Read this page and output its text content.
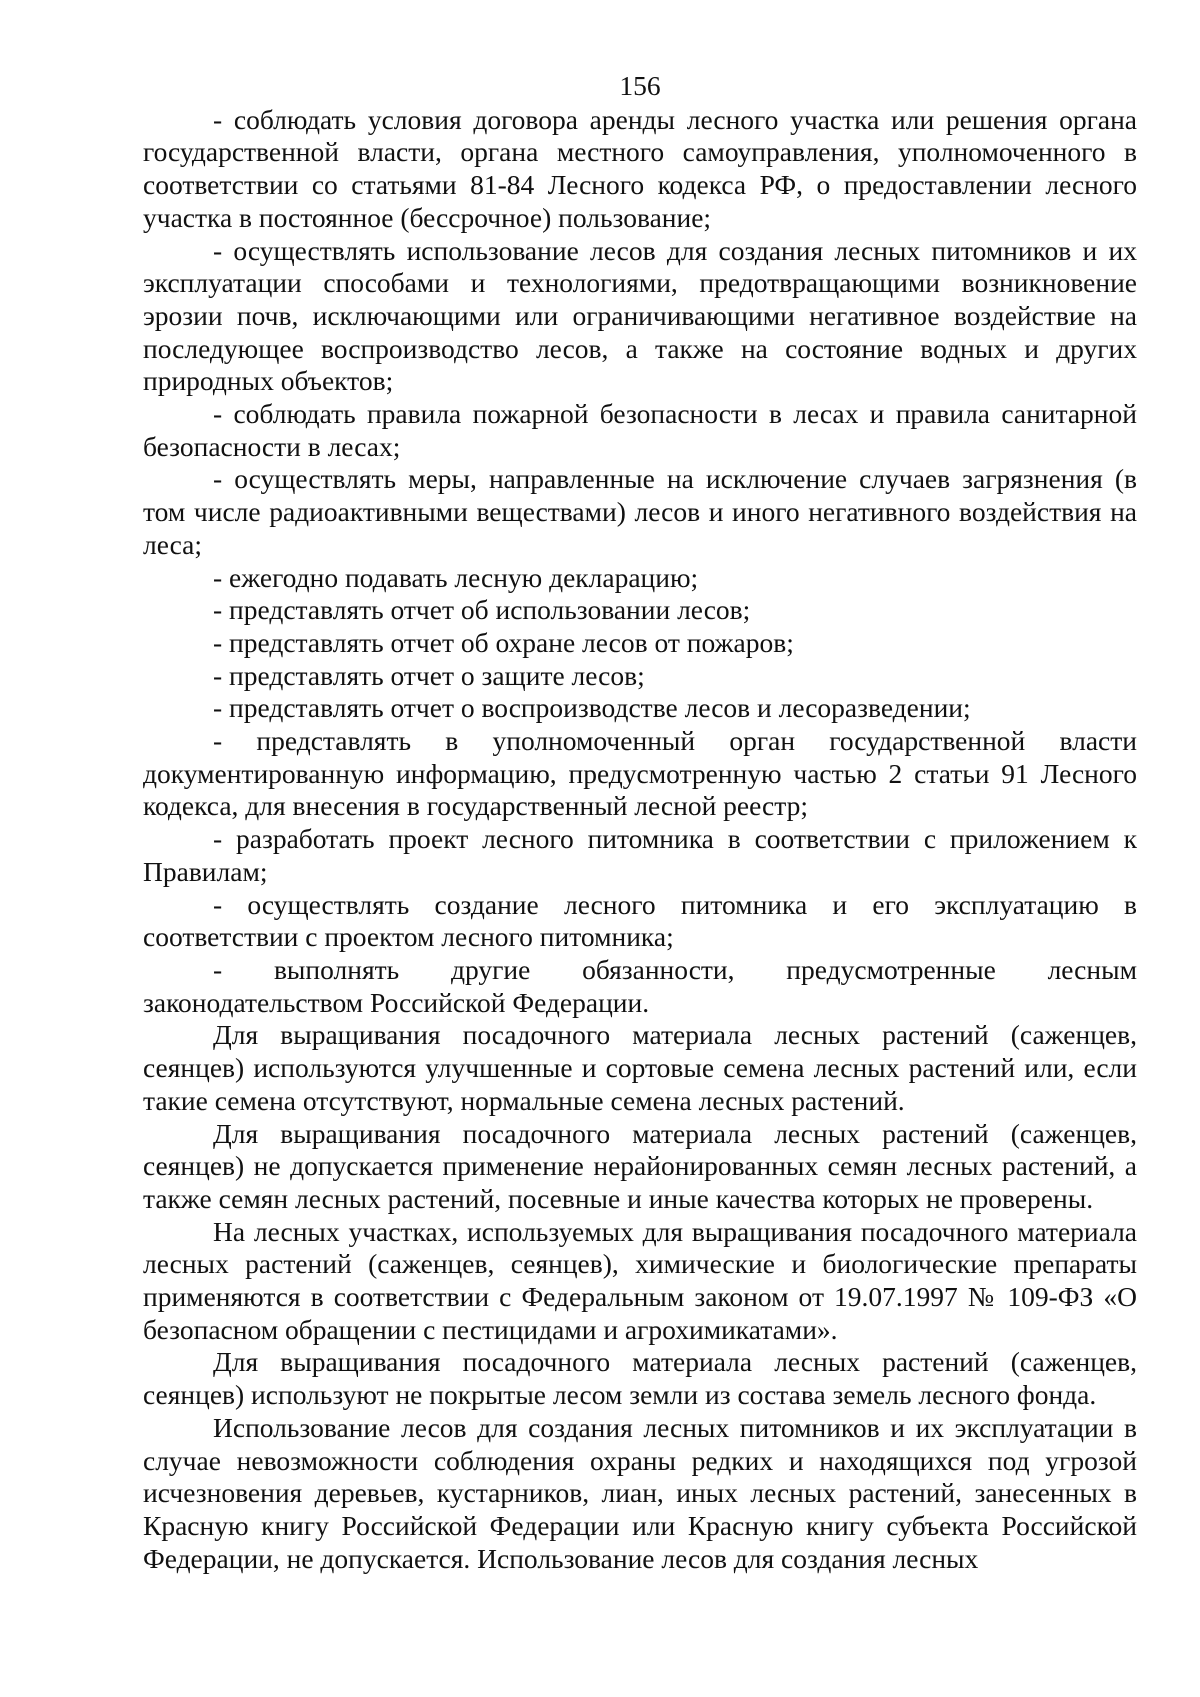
156

- соблюдать условия договора аренды лесного участка или решения органа государственной власти, органа местного самоуправления, уполномоченного в соответствии со статьями 81-84 Лесного кодекса РФ, о предоставлении лесного участка в постоянное (бессрочное) пользование;

- осуществлять использование лесов для создания лесных питомников и их эксплуатации способами и технологиями, предотвращающими возникновение эрозии почв, исключающими или ограничивающими негативное воздействие на последующее воспроизводство лесов, а также на состояние водных и других природных объектов;

- соблюдать правила пожарной безопасности в лесах и правила санитарной безопасности в лесах;

- осуществлять меры, направленные на исключение случаев загрязнения (в том числе радиоактивными веществами) лесов и иного негативного воздействия на леса;

- ежегодно подавать лесную декларацию;

- представлять отчет об использовании лесов;

- представлять отчет об охране лесов от пожаров;

- представлять отчет о защите лесов;

- представлять отчет о воспроизводстве лесов и лесоразведении;

- представлять в уполномоченный орган государственной власти документированную информацию, предусмотренную частью 2 статьи 91 Лесного кодекса, для внесения в государственный лесной реестр;

- разработать проект лесного питомника в соответствии с приложением к Правилам;

- осуществлять создание лесного питомника и его эксплуатацию в соответствии с проектом лесного питомника;

- выполнять другие обязанности, предусмотренные лесным законодательством Российской Федерации.

Для выращивания посадочного материала лесных растений (саженцев, сеянцев) используются улучшенные и сортовые семена лесных растений или, если такие семена отсутствуют, нормальные семена лесных растений.

Для выращивания посадочного материала лесных растений (саженцев, сеянцев) не допускается применение нерайонированных семян лесных растений, а также семян лесных растений, посевные и иные качества которых не проверены.

На лесных участках, используемых для выращивания посадочного материала лесных растений (саженцев, сеянцев), химические и биологические препараты применяются в соответствии с Федеральным законом от 19.07.1997 № 109-ФЗ «О безопасном обращении с пестицидами и агрохимикатами».

Для выращивания посадочного материала лесных растений (саженцев, сеянцев) используют не покрытые лесом земли из состава земель лесного фонда.

Использование лесов для создания лесных питомников и их эксплуатации в случае невозможности соблюдения охраны редких и находящихся под угрозой исчезновения деревьев, кустарников, лиан, иных лесных растений, занесенных в Красную книгу Российской Федерации или Красную книгу субъекта Российской Федерации, не допускается. Использование лесов для создания лесных
